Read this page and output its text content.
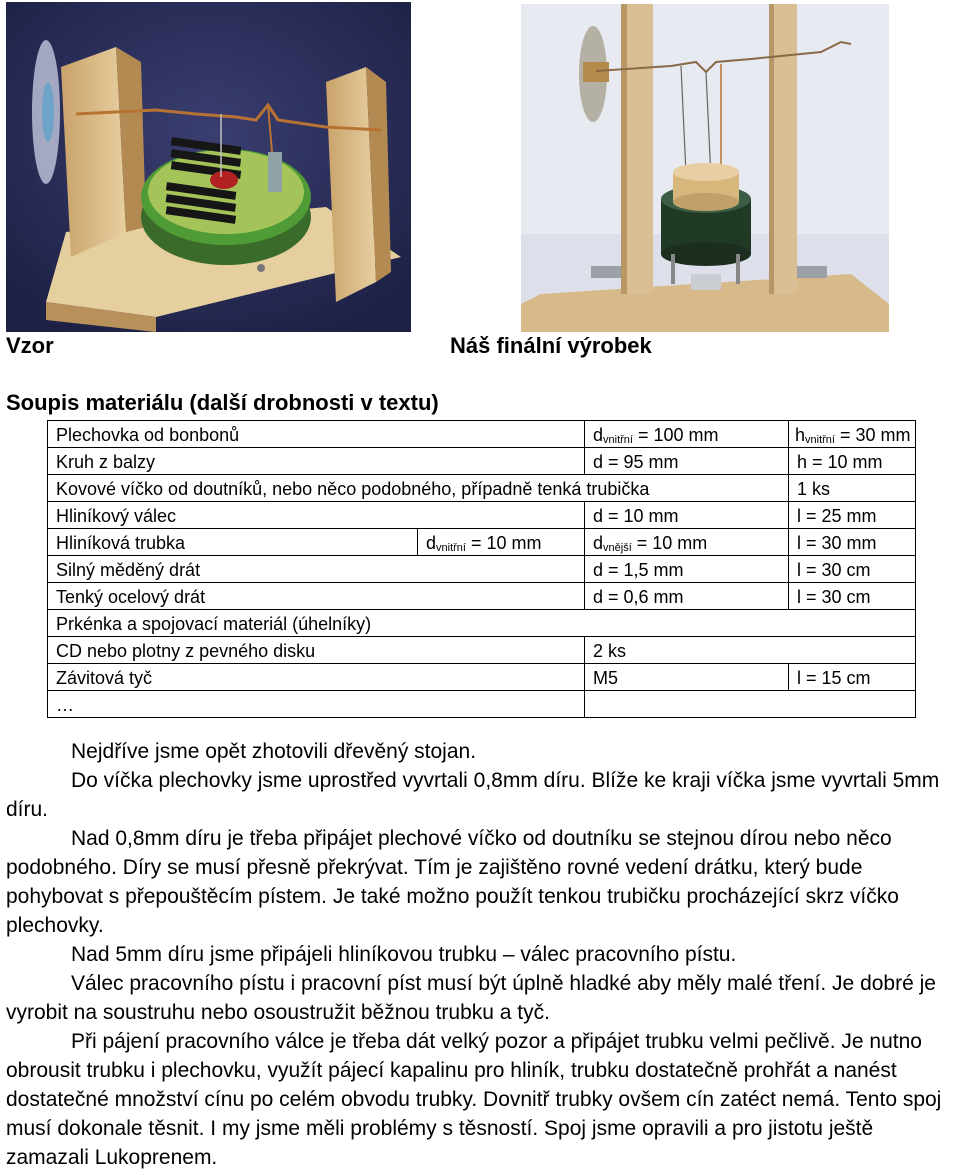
Vzor	Náš finální výrobek
Soupis materiálu (další drobnosti v textu)
Plechovka od bonbonů		$d_{vnitřní} = 100$ mm	$h_{vnitřní} = 30$ mm
Kruh z balzy		d = 95 mm	h = 10 mm
Kovové víčko od doutníků, nebo něco podobného, případně tenká trubička			1 ks
Hliníkový válec		d = 10 mm	l = 25 mm
Hliníková trubka	$d_{vnitřní} = 10$ mm	$d_{vnější} = 10$ mm	l = 30 mm
Silný měděný drát		d = 1,5 mm	l = 30 cm
Tenký ocelový drát		d = 0,6 mm	l = 30 cm
Prkénka a spojovací materiál (úhelníky)			
CD nebo plotny z pevného disku		2 ks	
Závitová tyč		M5	l = 15 cm
…			

Nejdříve jsme opět zhotovili dřevěný stojan.

Do víčka plechovky jsme uprostřed vyvrtali 0,8mm díru. Blíže ke kraji víčka jsme vyvrtali 5mm díru.

Nad 0,8mm díru je třeba připájet plechové víčko od doutníku se stejnou dírou nebo něco podobného. Díry se musí přesně překrývat. Tím je zajištěno rovné vedení drátku, který bude pohybovat s přepouštěcím pístem. Je také možno použít tenkou trubičku procházející skrz víčko plechovky.

Nad 5mm díru jsme připájeli hliníkovou trubku – válec pracovního pístu.

Válec pracovního pístu i pracovní píst musí být úplně hladké aby měly malé tření. Je dobré je vyrobit na soustruhu nebo osoustružit běžnou trubku a tyč.

Při pájení pracovního válce je třeba dát velký pozor a připájet trubku velmi pečlivě. Je nutno obrousit trubku i plechovku, využít pájecí kapalinu pro hliník, trubku dostatečně prohřát a nanést dostatečné množství cínu po celém obvodu trubky. Dovnitř trubky ovšem cín zatéct nemá. Tento spoj musí dokonale těsnit. I my jsme měli problémy s těsností. Spoj jsme opravili a pro jistotu ještě zamazali Lukoprenem.
